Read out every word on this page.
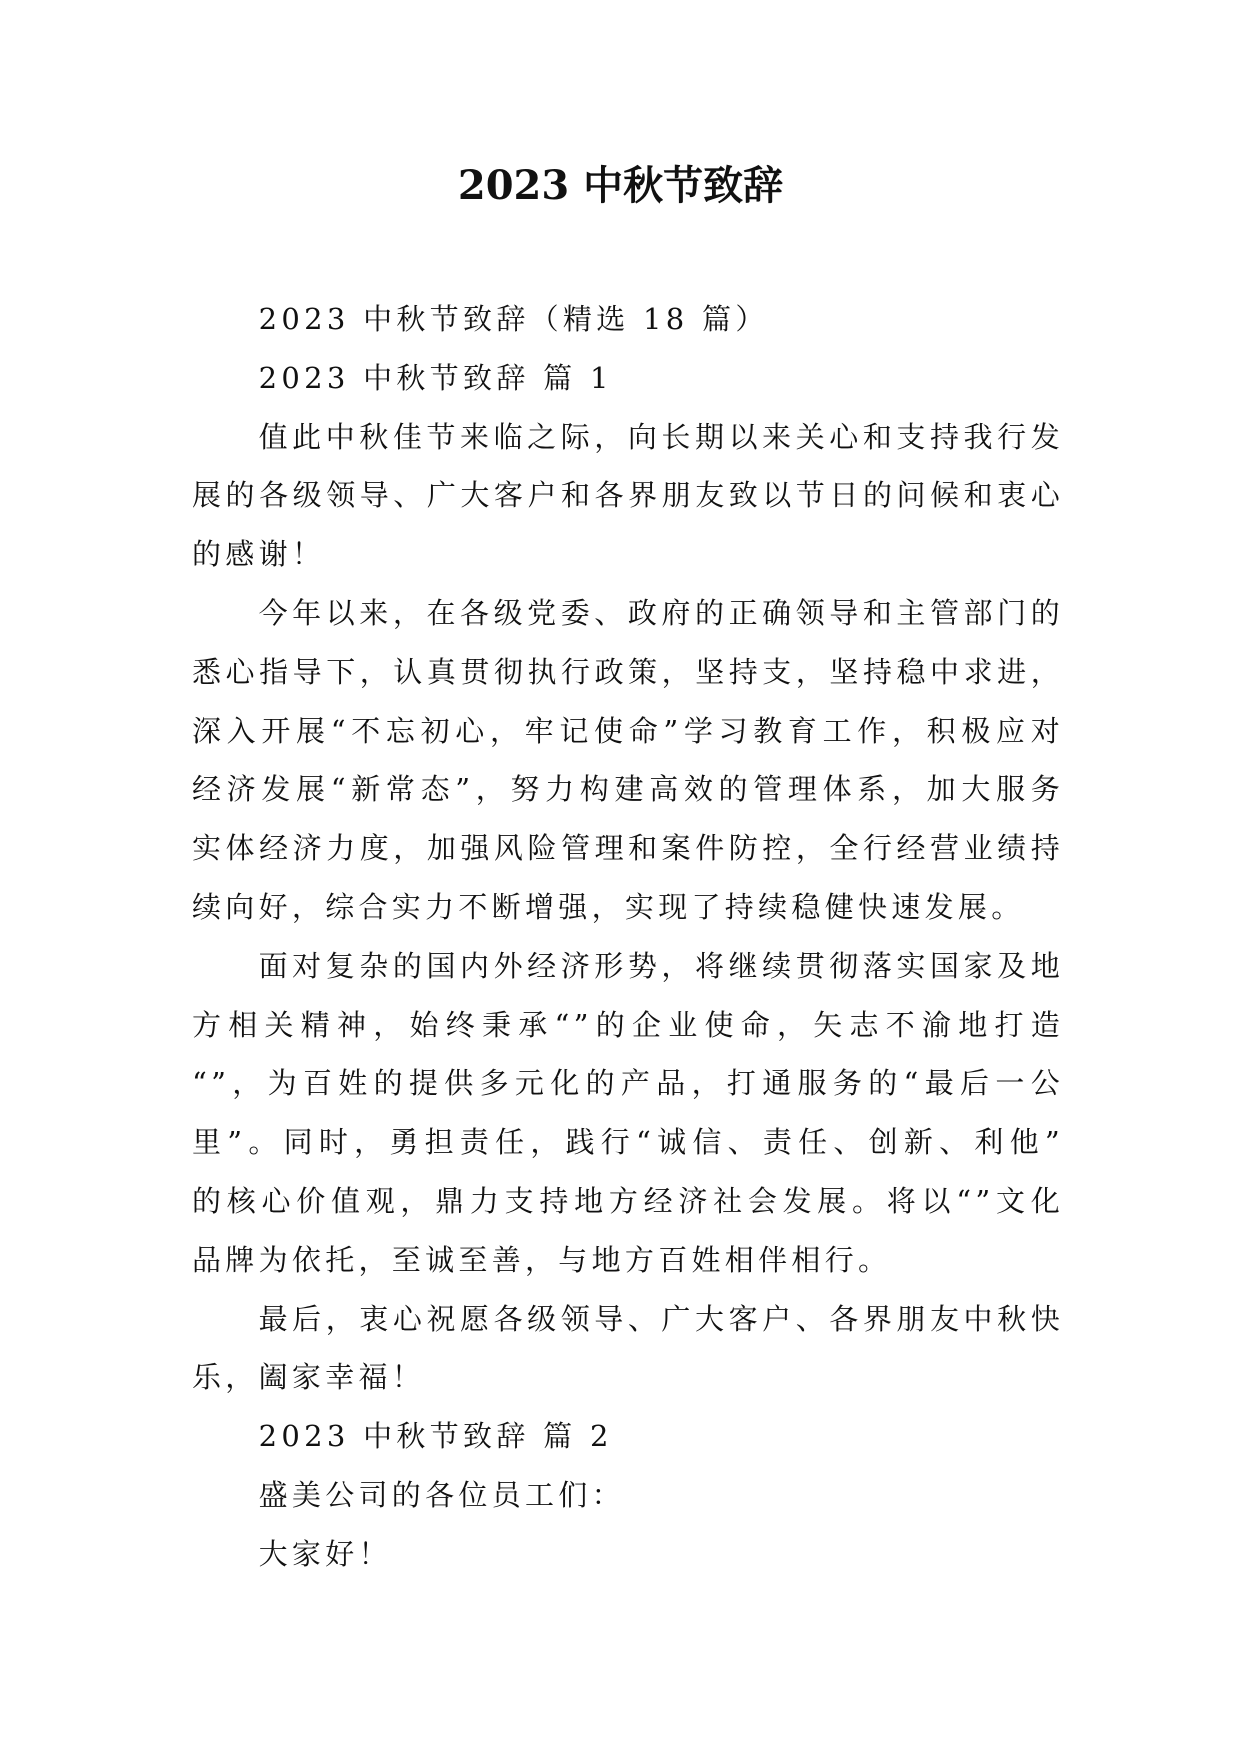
2023 中秋节致辞
2023 中秋节致辞（精选 18 篇）
2023 中秋节致辞 篇 1
值此中秋佳节来临之际，向长期以来关心和支持我行发
展的各级领导、广大客户和各界朋友致以节日的问候和衷心
的感谢！
今年以来，在各级党委、政府的正确领导和主管部门的
悉心指导下，认真贯彻执行政策，坚持支，坚持稳中求进，
深入开展“不忘初心，牢记使命”学习教育工作，积极应对
经济发展“新常态”，努力构建高效的管理体系，加大服务
实体经济力度，加强风险管理和案件防控，全行经营业绩持
续向好，综合实力不断增强，实现了持续稳健快速发展。
面对复杂的国内外经济形势，将继续贯彻落实国家及地
方相关精神，始终秉承“”的企业使命，矢志不渝地打造
“”，为百姓的提供多元化的产品，打通服务的“最后一公
里”。同时，勇担责任，践行“诚信、责任、创新、利他”
的核心价值观，鼎力支持地方经济社会发展。将以“”文化
品牌为依托，至诚至善，与地方百姓相伴相行。
最后，衷心祝愿各级领导、广大客户、各界朋友中秋快
乐，阖家幸福！
2023 中秋节致辞 篇 2
盛美公司的各位员工们：
大家好！
